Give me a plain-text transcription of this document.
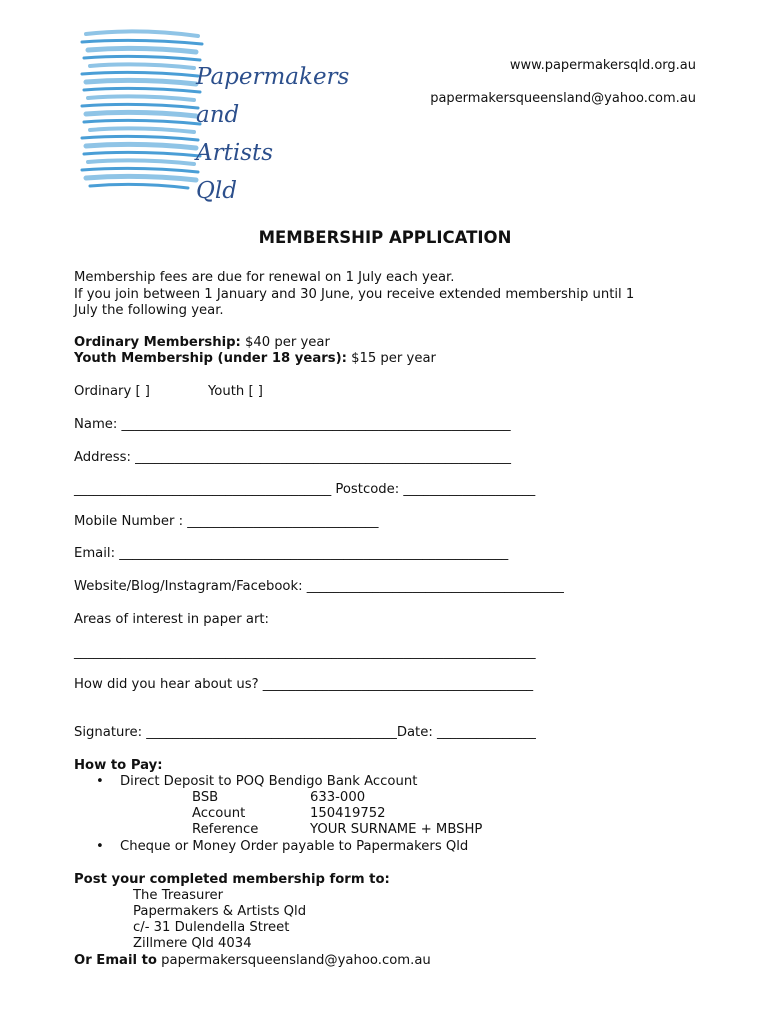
Papermakers
and
Artists
Qld
www.papermakersqld.org.au
papermakersqueensland@yahoo.com.au
MEMBERSHIP APPLICATION
Membership fees are due for renewal on 1 July each year.
If you join between 1 January and 30 June, you receive extended membership until 1
July the following year.
Ordinary Membership: $40 per year
Youth Membership (under 18 years): $15 per year
Ordinary [ ]	Youth [ ]
Name: ___________________________________________________________
Address: _________________________________________________________
_______________________________________ Postcode: ____________________
Mobile Number : _____________________________
Email: ___________________________________________________________
Website/Blog/Instagram/Facebook: _______________________________________
Areas of interest in paper art:
______________________________________________________________________
How did you hear about us? _________________________________________
Signature: ______________________________________Date: _______________
How to Pay:
• Direct Deposit to POQ Bendigo Bank Account
BSB	633-000
Account	150419752
Reference	YOUR SURNAME + MBSHP
• Cheque or Money Order payable to Papermakers Qld
Post your completed membership form to:
The Treasurer
Papermakers & Artists Qld
c/- 31 Dulendella Street
Zillmere Qld 4034
Or Email to papermakersqueensland@yahoo.com.au
